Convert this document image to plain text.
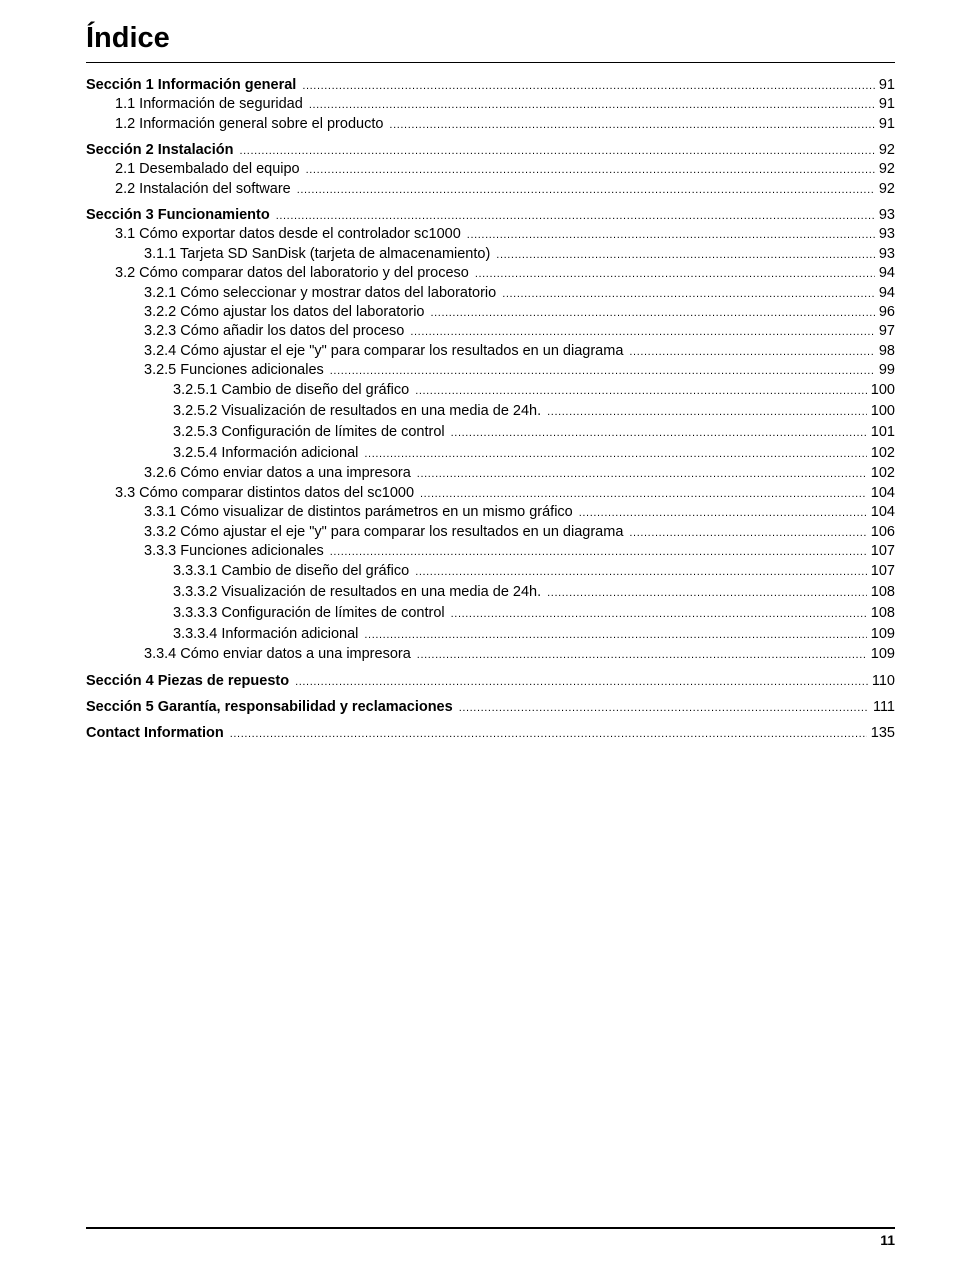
Índice
Sección 1 Información general .....	91
1.1 Información de seguridad .....	91
1.2 Información general sobre el producto .....	91
Sección 2 Instalación .....	92
2.1 Desembalado del equipo .....	92
2.2 Instalación del software .....	92
Sección 3 Funcionamiento .....	93
3.1 Cómo exportar datos desde el controlador sc1000 .....	93
3.1.1 Tarjeta SD SanDisk (tarjeta de almacenamiento) .....	93
3.2 Cómo comparar datos del laboratorio y del proceso .....	94
3.2.1 Cómo seleccionar y mostrar datos del laboratorio .....	94
3.2.2 Cómo ajustar los datos del laboratorio .....	96
3.2.3 Cómo añadir los datos del proceso .....	97
3.2.4 Cómo ajustar el eje "y" para comparar los resultados en un diagrama .....	98
3.2.5 Funciones adicionales .....	99
3.2.5.1 Cambio de diseño del gráfico .....	100
3.2.5.2 Visualización de resultados en una media de 24h. .....	100
3.2.5.3 Configuración de límites de control .....	101
3.2.5.4 Información adicional .....	102
3.2.6 Cómo enviar datos a una impresora .....	102
3.3 Cómo comparar distintos datos del sc1000 .....	104
3.3.1 Cómo visualizar de distintos parámetros en un mismo gráfico .....	104
3.3.2 Cómo ajustar el eje "y" para comparar los resultados en un diagrama .....	106
3.3.3 Funciones adicionales .....	107
3.3.3.1 Cambio de diseño del gráfico .....	107
3.3.3.2 Visualización de resultados en una media de 24h. .....	108
3.3.3.3 Configuración de límites de control .....	108
3.3.3.4 Información adicional .....	109
3.3.4 Cómo enviar datos a una impresora .....	109
Sección 4 Piezas de repuesto .....	110
Sección 5 Garantía, responsabilidad y reclamaciones .....	111
Contact Information .....	135
11
